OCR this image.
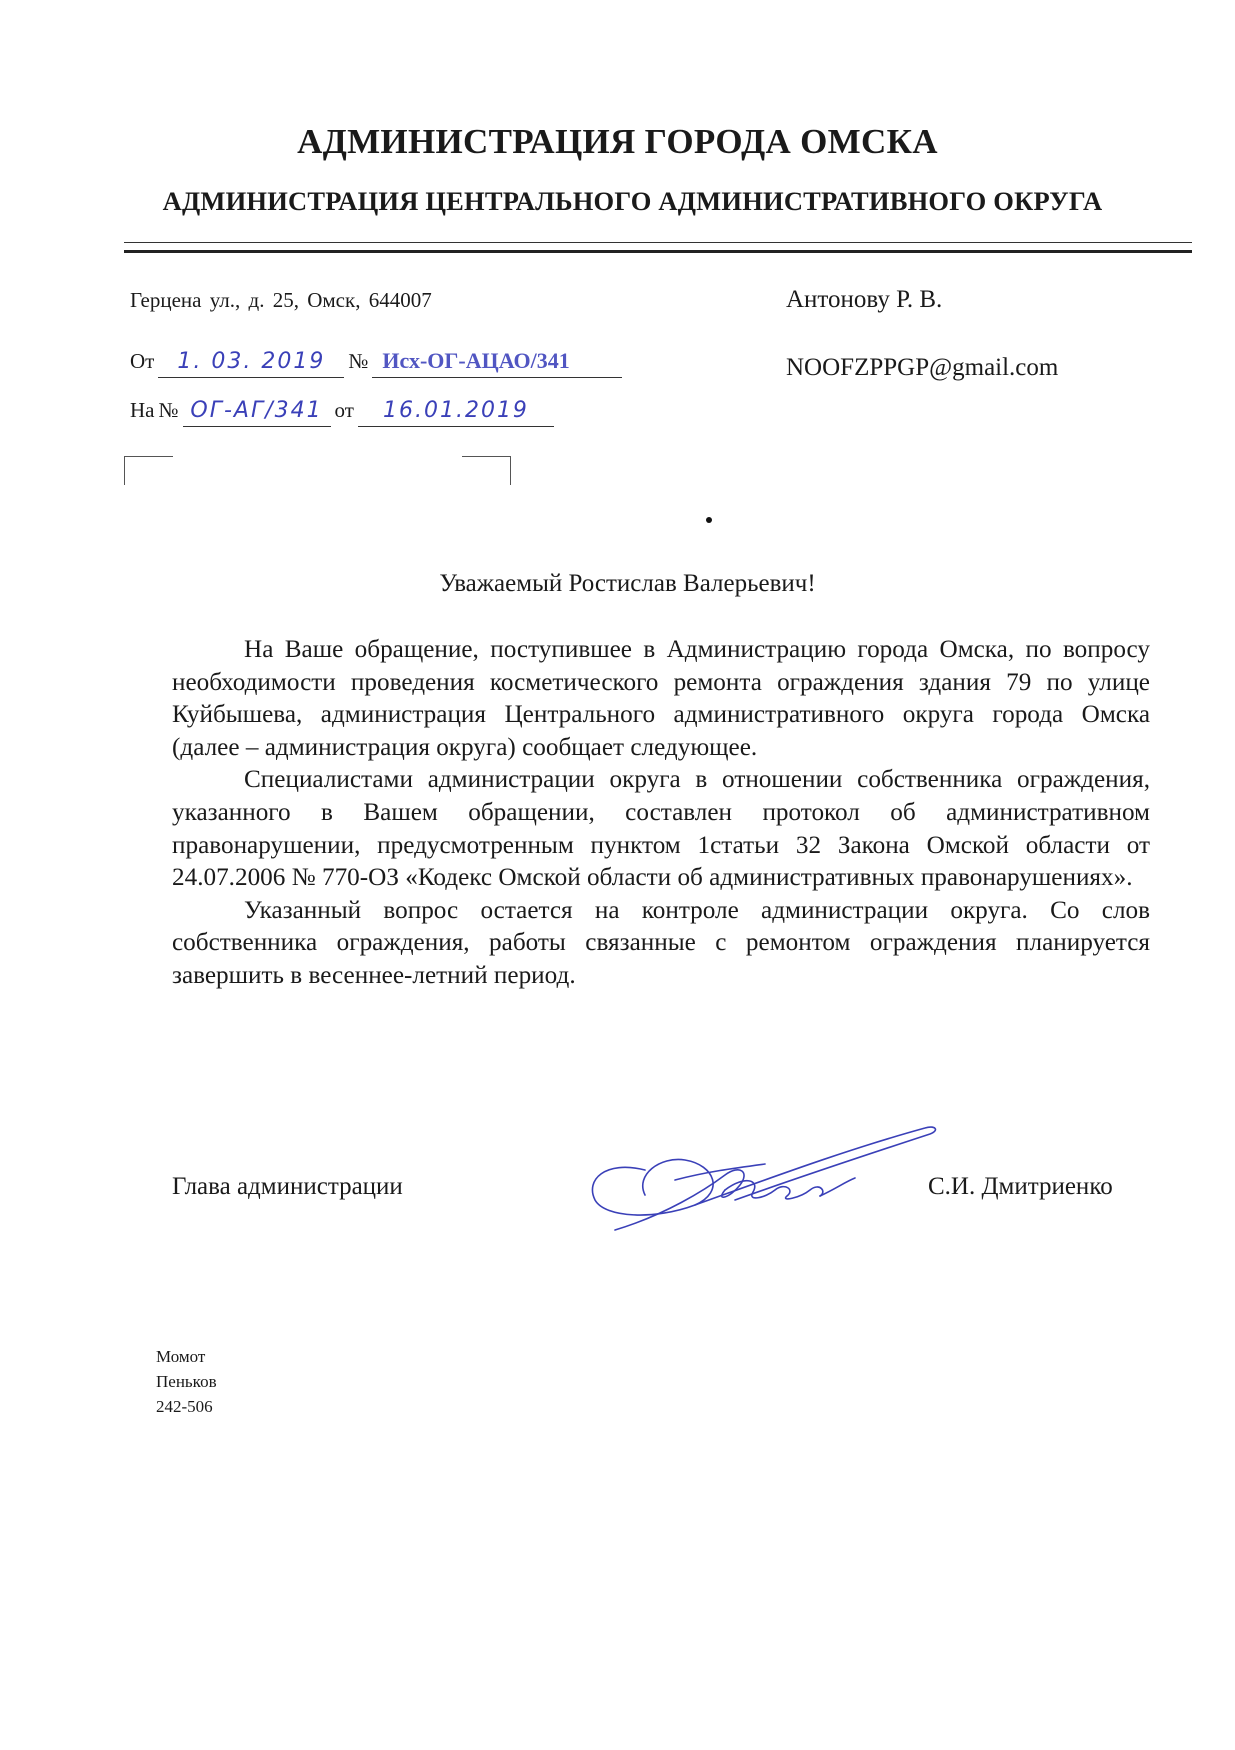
АДМИНИСТРАЦИЯ ГОРОДА ОМСКА
АДМИНИСТРАЦИЯ ЦЕНТРАЛЬНОГО АДМИНИСТРАТИВНОГО ОКРУГА
Герцена ул., д. 25, Омск, 644007
От 1. 03. 2019 № Исх-ОГ-АЦАО/341
На № ОГ-АГ/341 от 16.01.2019
Антонову Р. В.
NOOFZPPGP@gmail.com
Уважаемый Ростислав Валерьевич!

На Ваше обращение, поступившее в Администрацию города Омска, по вопросу необходимости проведения косметического ремонта ограждения здания 79 по улице Куйбышева, администрация Центрального административного округа города Омска (далее – администрация округа) сообщает следующее.

Специалистами администрации округа в отношении собственника ограждения, указанного в Вашем обращении, составлен протокол об административном правонарушении, предусмотренным пунктом 1статьи 32 Закона Омской области от 24.07.2006 № 770-ОЗ «Кодекс Омской области об административных правонарушениях».

Указанный вопрос остается на контроле администрации округа. Со слов собственника ограждения, работы связанные с ремонтом ограждения планируется завершить в весеннее-летний период.

Глава администрации	С.И. Дмитриенко
Момот
Пеньков
242-506
